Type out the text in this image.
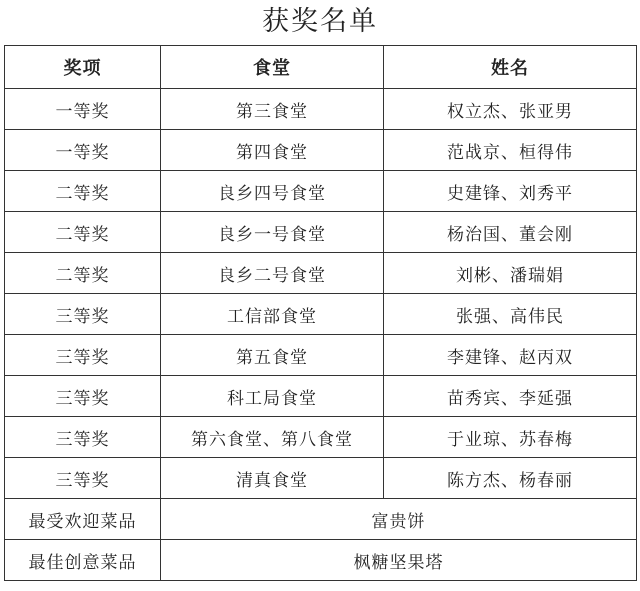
获奖名单
奖项	食堂	姓名
一等奖	第三食堂	权立杰、张亚男
一等奖	第四食堂	范战京、桓得伟
二等奖	良乡四号食堂	史建锋、刘秀平
二等奖	良乡一号食堂	杨治国、董会刚
二等奖	良乡二号食堂	刘彬、潘瑞娟
三等奖	工信部食堂	张强、高伟民
三等奖	第五食堂	李建锋、赵丙双
三等奖	科工局食堂	苗秀宾、李延强
三等奖	第六食堂、第八食堂	于业琼、苏春梅
三等奖	清真食堂	陈方杰、杨春丽
最受欢迎菜品	富贵饼	
最佳创意菜品	枫糖坚果塔	
